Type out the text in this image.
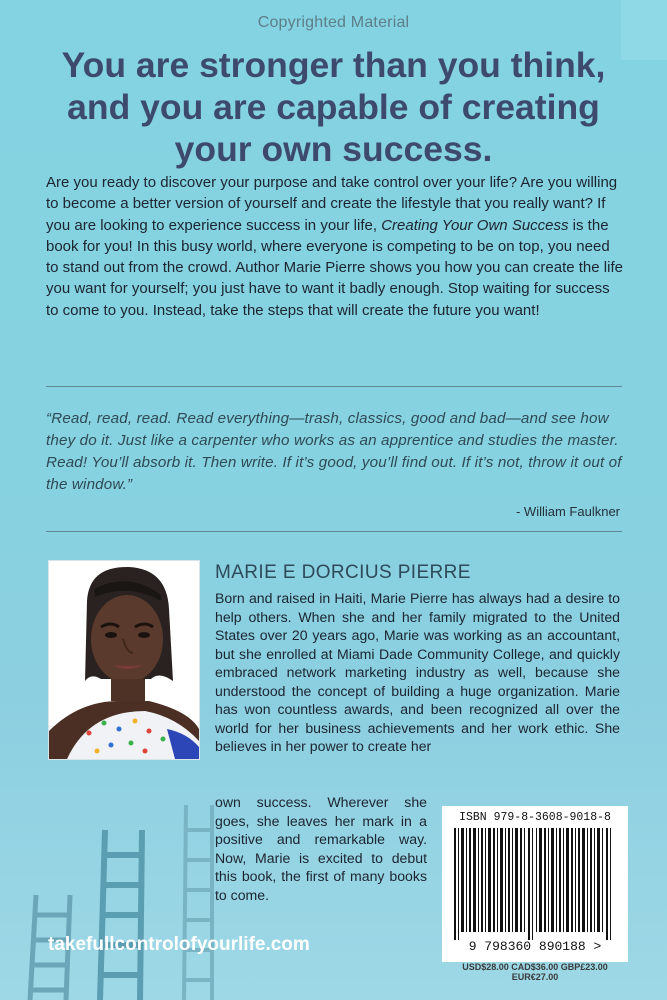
Copyrighted Material
You are stronger than you think,
and you are capable of creating
your own success.
Are you ready to discover your purpose and take control over your life? Are you willing to become a better version of yourself and create the lifestyle that you really want? If you are looking to experience success in your life, Creating Your Own Success is the book for you! In this busy world, where everyone is competing to be on top, you need to stand out from the crowd. Author Marie Pierre shows you how you can create the life you want for yourself; you just have to want it badly enough. Stop waiting for success to come to you. Instead, take the steps that will create the future you want!
“Read, read, read. Read everything—trash, classics, good and bad—and see how they do it. Just like a carpenter who works as an apprentice and studies the master. Read! You’ll absorb it. Then write. If it’s good, you’ll find out. If it’s not, throw it out of the window.”
- William Faulkner
MARIE E DORCIUS PIERRE
Born and raised in Haiti, Marie Pierre has always had a desire to help others. When she and her family migrated to the United States over 20 years ago, Marie was working as an accountant, but she enrolled at Miami Dade Community College, and quickly embraced network marketing industry as well, because she understood the concept of building a huge organization. Marie has won countless awards, and been recognized all over the world for her business achievements and her work ethic. She believes in her power to create her
own success. Wherever she goes, she leaves her mark in a positive and remarkable way. Now, Marie is excited to debut this book, the first of many books to come.
takefullcontrolofyourlife.com
ISBN 979-8-3608-9018-8
9 798360 890188 >
USD$28.00 CAD$36.00 GBP£23.00 EUR€27.00
